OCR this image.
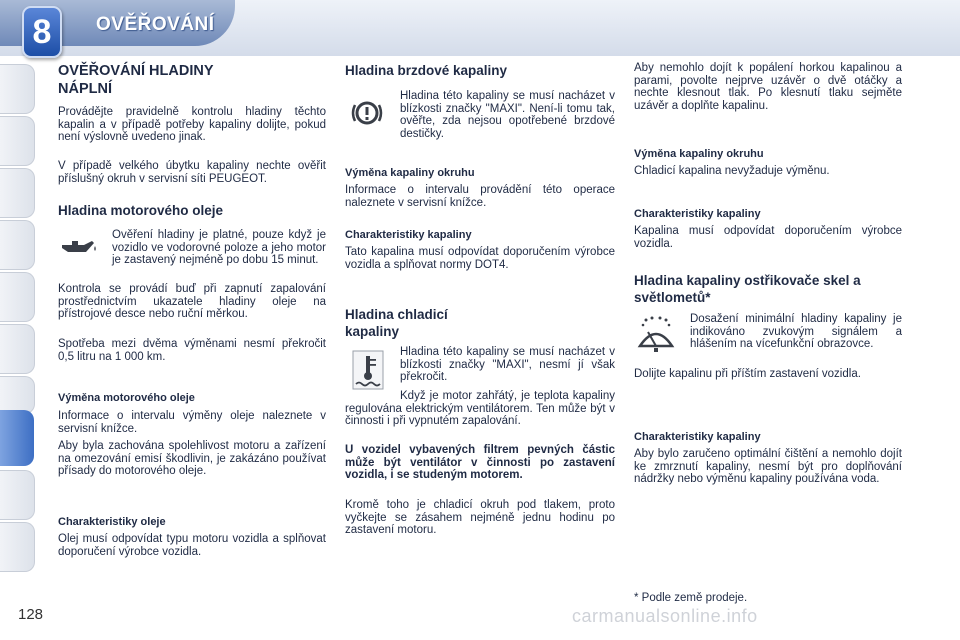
8	OVĚŘOVÁNÍ
OVĚŘOVÁNÍ HLADINY NÁPLNÍ

Provádějte pravidelně kontrolu hladiny těchto kapalin a v případě potřeby kapaliny dolijte, pokud není výslovně uvedeno jinak.

V případě velkého úbytku kapaliny nechte ověřit příslušný okruh v servisní síti PEUGEOT.

Hladina motorového oleje

Ověření hladiny je platné, pouze když je vozidlo ve vodorovné poloze a jeho motor je zastavený nejméně po dobu 15 minut.

Kontrola se provádí buď při zapnutí zapalování prostřednictvím ukazatele hladiny oleje na přístrojové desce nebo ruční měrkou.

Spotřeba mezi dvěma výměnami nesmí překročit 0,5 litru na 1 000 km.

Výměna motorového oleje

Informace o intervalu výměny oleje naleznete v servisní knížce.

Aby byla zachována spolehlivost motoru a zařízení na omezování emisí škodlivin, je zakázáno používat přísady do motorového oleje.

Charakteristiky oleje

Olej musí odpovídat typu motoru vozidla a splňovat doporučení výrobce vozidla.

Hladina brzdové kapaliny

Hladina této kapaliny se musí nacházet v blízkosti značky "MAXI". Není-li tomu tak, ověřte, zda nejsou opotřebené brzdové destičky.

Výměna kapaliny okruhu

Informace o intervalu provádění této operace naleznete v servisní knížce.

Charakteristiky kapaliny

Tato kapalina musí odpovídat doporučením výrobce vozidla a splňovat normy DOT4.

Hladina chladicí kapaliny

Hladina této kapaliny se musí nacházet v blízkosti značky "MAXI", nesmí jí však překročit.

Když je motor zahřátý, je teplota kapaliny regulována elektrickým ventilátorem. Ten může být v činnosti i při vypnutém zapalování.

U vozidel vybavených filtrem pevných částic může být ventilátor v činnosti po zastavení vozidla, i se studeným motorem.

Kromě toho je chladicí okruh pod tlakem, proto vyčkejte se zásahem nejméně jednu hodinu po zastavení motoru.

Aby nemohlo dojít k popálení horkou kapalinou a parami, povolte nejprve uzávěr o dvě otáčky a nechte klesnout tlak. Po klesnutí tlaku sejměte uzávěr a doplňte kapalinu.

Výměna kapaliny okruhu

Chladicí kapalina nevyžaduje výměnu.

Charakteristiky kapaliny

Kapalina musí odpovídat doporučením výrobce vozidla.

Hladina kapaliny ostřikovače skel a světlometů*

Dosažení minimální hladiny kapaliny je indikováno zvukovým signálem a hlášením na vícefunkční obrazovce.

Dolijte kapalinu při příštím zastavení vozidla.

Charakteristiky kapaliny

Aby bylo zaručeno optimální čištění a nemohlo dojít ke zmrznutí kapaliny, nesmí být pro doplňování nádržky nebo výměnu kapaliny používána voda.

* Podle země prodeje.

128	carmanualsonline.info
